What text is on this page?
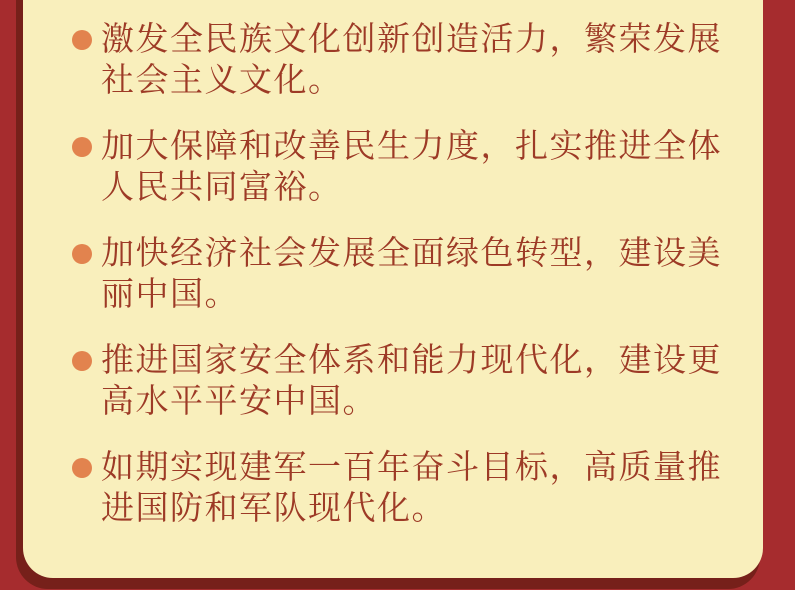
激发全民族文化创新创造活力，繁荣发展
社会主义文化。
加大保障和改善民生力度，扎实推进全体
人民共同富裕。
加快经济社会发展全面绿色转型，建设美
丽中国。
推进国家安全体系和能力现代化，建设更
高水平平安中国。
如期实现建军一百年奋斗目标，高质量推
进国防和军队现代化。
